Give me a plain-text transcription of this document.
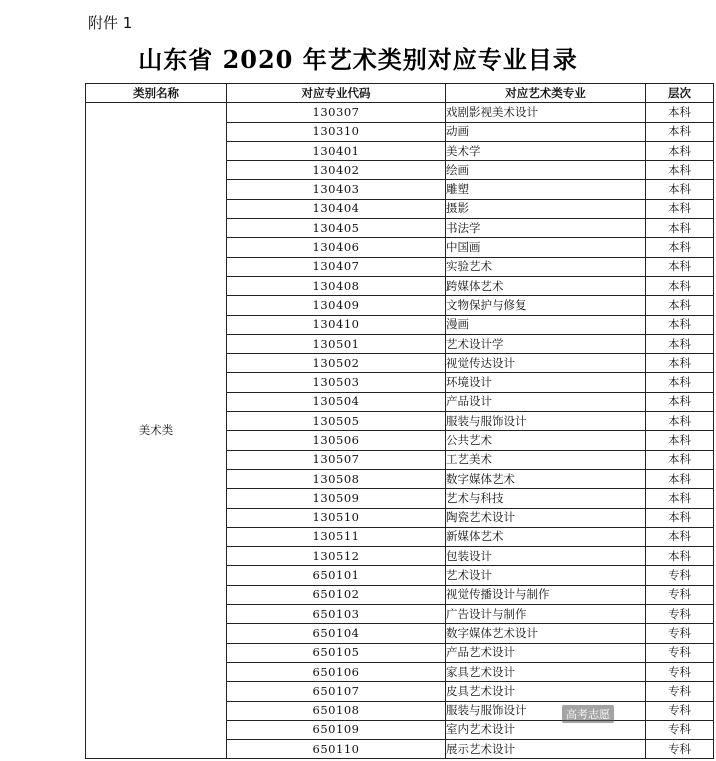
附件 1
山东省 2020 年艺术类别对应专业目录
类别名称	对应专业代码	对应艺术类专业	层次
美术类	130307	戏剧影视美术设计	本科
	130310	动画	本科
	130401	美术学	本科
	130402	绘画	本科
	130403	雕塑	本科
	130404	摄影	本科
	130405	书法学	本科
	130406	中国画	本科
	130407	实验艺术	本科
	130408	跨媒体艺术	本科
	130409	文物保护与修复	本科
	130410	漫画	本科
	130501	艺术设计学	本科
	130502	视觉传达设计	本科
	130503	环境设计	本科
	130504	产品设计	本科
	130505	服装与服饰设计	本科
	130506	公共艺术	本科
	130507	工艺美术	本科
	130508	数字媒体艺术	本科
	130509	艺术与科技	本科
	130510	陶瓷艺术设计	本科
	130511	新媒体艺术	本科
	130512	包装设计	本科
	650101	艺术设计	专科
	650102	视觉传播设计与制作	专科
	650103	广告设计与制作	专科
	650104	数字媒体艺术设计	专科
	650105	产品艺术设计	专科
	650106	家具艺术设计	专科
	650107	皮具艺术设计	专科
	650108	服装与服饰设计	专科
	650109	室内艺术设计	专科
	650110	展示艺术设计	专科
高考志愿
